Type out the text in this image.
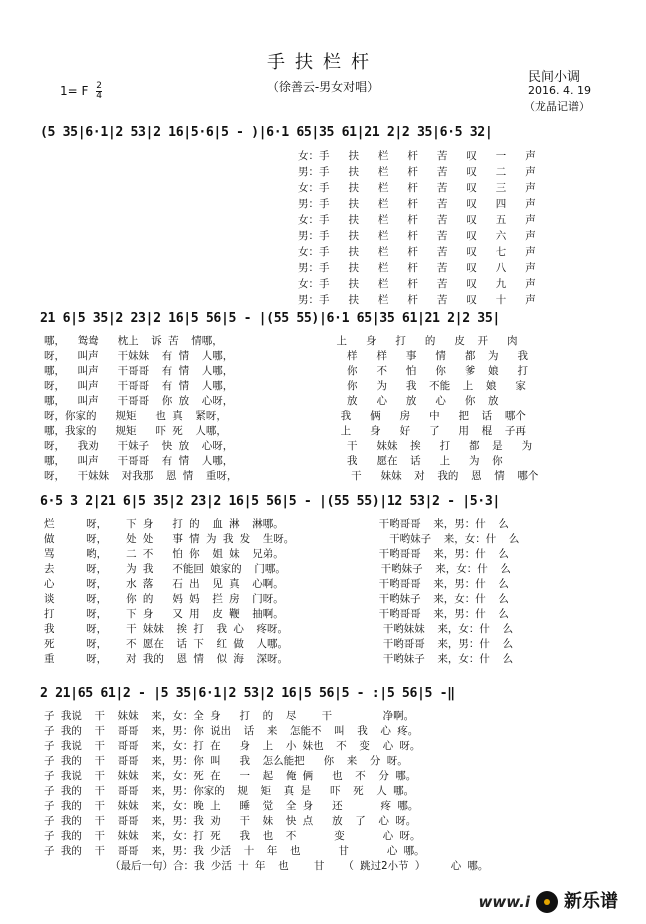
手扶栏杆
（徐善云-男女对唱）
1= F $\frac{2}{4}$
民间小调
2016. 4. 19
（龙晶记谱）
(5 35|6·1|2 53|2 16|5·6|5 - )|6·1 65|35 61|21 2|2 35|6·5 32|
女：手   扶   栏   杆   苦   叹   一   声
男：手   扶   栏   杆   苦   叹   二   声
女：手   扶   栏   杆   苦   叹   三   声
男：手   扶   栏   杆   苦   叹   四   声
女：手   扶   栏   杆   苦   叹   五   声
男：手   扶   栏   杆   苦   叹   六   声
女：手   扶   栏   杆   苦   叹   七   声
男：手   扶   栏   杆   苦   叹   八   声
女：手   扶   栏   杆   苦   叹   九   声
男：手   扶   栏   杆   苦   叹   十   声
21 6|5 35|2 23|2 16|5 56|5 - |(55 55)|6·1 65|35 61|21 2|2 35|
哪，  鸳鸯   枕上  诉 苦  情哪，                  上   身   打   的   皮  开   肉
呀，  叫声   干妹妹  有 情  人哪，                  样   样   事   情   都  为   我
哪，  叫声   干哥哥  有 情  人哪，                  你   不   怕   你   爹  娘   打
呀，  叫声   干哥哥  有 情  人哪，                  你   为   我  不能  上  娘   家
哪，  叫声   干哥哥  你 放  心呀，                  放   心   放   心   你  放
呀，你家的   规矩   也 真  紧呀，                  我   俩   房   中   把  话  哪个
哪，我家的   规矩   吓 死  人哪，                  上   身   好   了   用  棍  子再
呀，  我劝   干妹子  快 放  心呀，                  干   妹妹  挨   打   都  是   为
哪，  叫声   干哥哥  有 情  人哪，                  我   愿在  话   上   为  你
呀，  干妹妹  对我那  恩 情  重呀，                  干   妹妹  对  我的  恩  情  哪个
6·5 3 2|21 6|5 35|2 23|2 16|5 56|5 - |(55 55)|12 53|2 - |5·3|
烂     呀，   下 身   打 的  血 淋  淋哪。               干哟哥哥  来，男：什  么
做     呀，   处 处   事 情 为 我 发  生呀。               干哟妹子  来，女：什  么
骂     哟，   二 不   怕 你  姐 妹  兄弟。               干哟哥哥  来，男：什  么
去     呀，   为 我   不能回 娘家的  门哪。               干哟妹子  来，女：什  么
心     呀，   水 落   石 出  见 真  心啊。               干哟哥哥  来，男：什  么
谈     呀，   你 的   妈 妈  拦 房  门呀。               干哟妹子  来，女：什  么
打     呀，   下 身   又 用  皮 鞭  抽啊。               干哟哥哥  来，男：什  么
我     呀，   干 妹妹  挨 打  我 心  疼呀。               干哟妹妹  来，女：什  么
死     呀，   不 愿在  话 下  红 做  人哪。               干哟哥哥  来，男：什  么
重     呀，   对 我的  恩 情  似 海  深呀。               干哟妹子  来，女：什  么
2 21|65 61|2 - |5 35|6·1|2 53|2 16|5 56|5 - :|5 56|5 -‖
子 我说  干  妹妹  来，女：全 身   打  的  尽    干        净啊。
子 我的  干  哥哥  来，男：你 说出  话  来  怎能不  叫  我  心 疼。
子 我说  干  哥哥  来，女：打 在   身  上  小 妹也  不  变  心 呀。
子 我的  干  哥哥  来，男：你 叫   我  怎么能把   你  来  分 呀。
子 我说  干  妹妹  来，女：死 在   一  起  俺 俩   也  不  分 哪。
子 我的  干  哥哥  来，男：你家的  规  矩  真 是   吓  死  人 哪。
子 我的  干  妹妹  来，女：晚 上   睡  觉  全 身   还      疼 哪。
子 我的  干  哥哥  来，男：我 劝   干  妹  快 点   放  了  心 呀。
子 我的  干  妹妹  来，女：打 死   我  也  不      变      心 呀。
子 我的  干  哥哥  来，男：我 少活  十  年  也      甘      心 哪。
（最后一句）合：我 少活 十 年  也    甘   （ 跳过2小节 ）    心 哪。
www.i 新乐谱
